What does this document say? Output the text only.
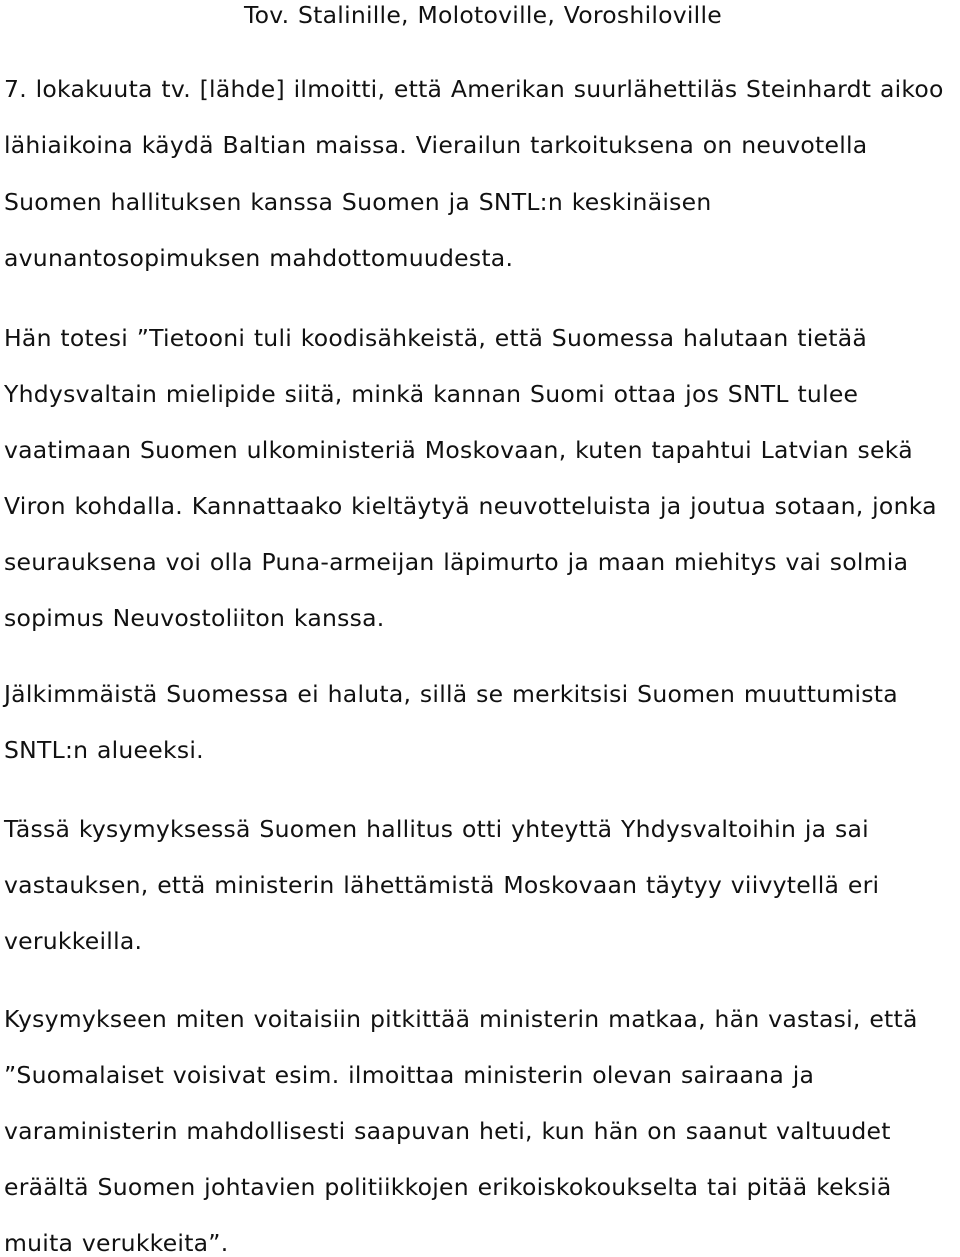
Tov. Stalinille, Molotoville, Voroshiloville
7. lokakuuta tv. [lähde] ilmoitti, että Amerikan suurlähettiläs Steinhardt aikoo
lähiaikoina käydä Baltian maissa. Vierailun tarkoituksena on neuvotella
Suomen hallituksen kanssa Suomen ja SNTL:n keskinäisen
avunantosopimuksen mahdottomuudesta.
Hän totesi ”Tietooni tuli koodisähkeistä, että Suomessa halutaan tietää
Yhdysvaltain mielipide siitä, minkä kannan Suomi ottaa jos SNTL tulee
vaatimaan Suomen ulkoministeriä Moskovaan, kuten tapahtui Latvian sekä
Viron kohdalla. Kannattaako kieltäytyä neuvotteluista ja joutua sotaan, jonka
seurauksena voi olla Puna-armeijan läpimurto ja maan miehitys vai solmia
sopimus Neuvostoliiton kanssa.
Jälkimmäistä Suomessa ei haluta, sillä se merkitsisi Suomen muuttumista
SNTL:n alueeksi.
Tässä kysymyksessä Suomen hallitus otti yhteyttä Yhdysvaltoihin ja sai
vastauksen, että ministerin lähettämistä Moskovaan täytyy viivytellä eri
verukkeilla.
Kysymykseen miten voitaisiin pitkittää ministerin matkaa, hän vastasi, että
”Suomalaiset voisivat esim. ilmoittaa ministerin olevan sairaana ja
varaministerin mahdollisesti saapuvan heti, kun hän on saanut valtuudet
eräältä Suomen johtavien politiikkojen erikoiskokoukselta tai pitää keksiä
muita verukkeita”.
